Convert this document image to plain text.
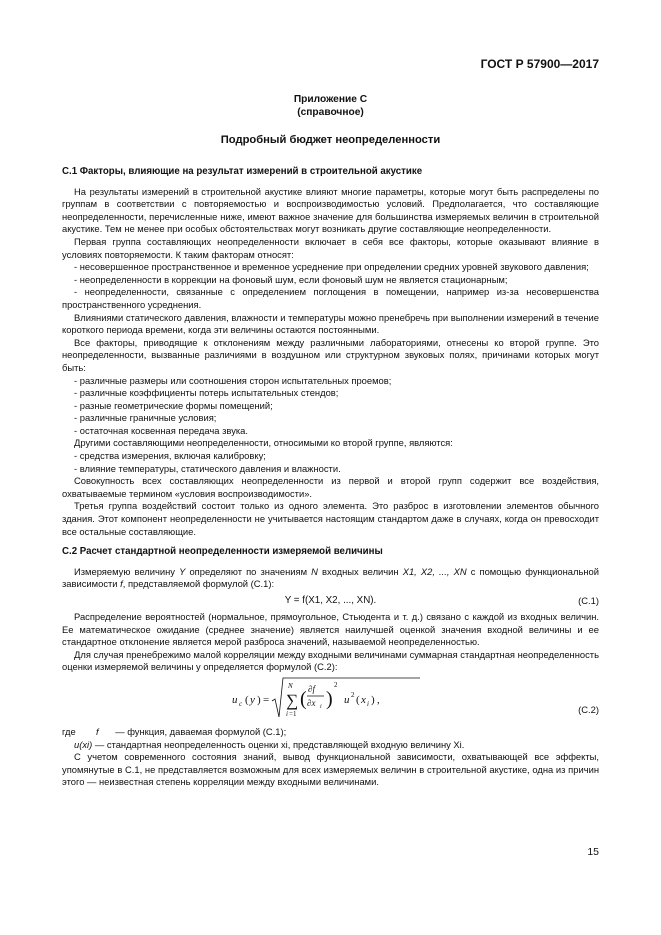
ГОСТ Р 57900—2017
Приложение С
(справочное)
Подробный бюджет неопределенности
С.1 Факторы, влияющие на результат измерений в строительной акустике

На результаты измерений в строительной акустике влияют многие параметры, которые могут быть распределены по группам в соответствии с повторяемостью и воспроизводимостью условий. Предполагается, что составляющие неопределенности, перечисленные ниже, имеют важное значение для большинства измеряемых величин в строительной акустике. Тем не менее при особых обстоятельствах могут возникать другие составляющие неопределенности.

Первая группа составляющих неопределенности включает в себя все факторы, которые оказывают влияние в условиях повторяемости. К таким факторам относят:

- несовершенное пространственное и временное усреднение при определении средних уровней звукового давления;

- неопределенности в коррекции на фоновый шум, если фоновый шум не является стационарным;

- неопределенности, связанные с определением поглощения в помещении, например из-за несовершенства пространственного усреднения.

Влияниями статического давления, влажности и температуры можно пренебречь при выполнении измерений в течение короткого периода времени, когда эти величины остаются постоянными.

Все факторы, приводящие к отклонениям между различными лабораториями, отнесены ко второй группе. Это неопределенности, вызванные различиями в воздушном или структурном звуковых полях, причинами которых могут быть:

- различные размеры или соотношения сторон испытательных проемов;

- различные коэффициенты потерь испытательных стендов;

- разные геометрические формы помещений;

- различные граничные условия;

- остаточная косвенная передача звука.

Другими составляющими неопределенности, относимыми ко второй группе, являются:

- средства измерения, включая калибровку;

- влияние температуры, статического давления и влажности.

Совокупность всех составляющих неопределенности из первой и второй групп содержит все воздействия, охватываемые термином «условия воспроизводимости».

Третья группа воздействий состоит только из одного элемента. Это разброс в изготовлении элементов обычного здания. Этот компонент неопределенности не учитывается настоящим стандартом даже в случаях, когда он превосходит все остальные составляющие.

С.2 Расчет стандартной неопределенности измеряемой величины

Измеряемую величину Y определяют по значениям N входных величин X1, X2, ..., XN с помощью функциональной зависимости f, представляемой формулой (С.1):

Y = f(X1, X2, ..., XN).	(С.1)

Распределение вероятностей (нормальное, прямоугольное, Стьюдента и т. д.) связано с каждой из входных величин. Ее математическое ожидание (среднее значение) является наилучшей оценкой значения входной величины и ее стандартное отклонение является мерой разброса значений, называемой неопределенностью.

Для случая пренебрежимо малой корреляции между входными величинами суммарная стандартная неопределенность оценки измеряемой величины y определяется формулой (С.2):

u c ( y ) =
N
∑
i =1
( ∂f
∂x i )
2
u 2 ( x i ) ,
(С.2)

где f — функция, даваемая формулой (С.1);

u(xi) — стандартная неопределенность оценки xi, представляющей входную величину Xi.

С учетом современного состояния знаний, вывод функциональной зависимости, охватывающей все эффекты, упомянутые в С.1, не представляется возможным для всех измеряемых величин в строительной акустике, одна из причин этого — неизвестная степень корреляции между входными величинами.

15
